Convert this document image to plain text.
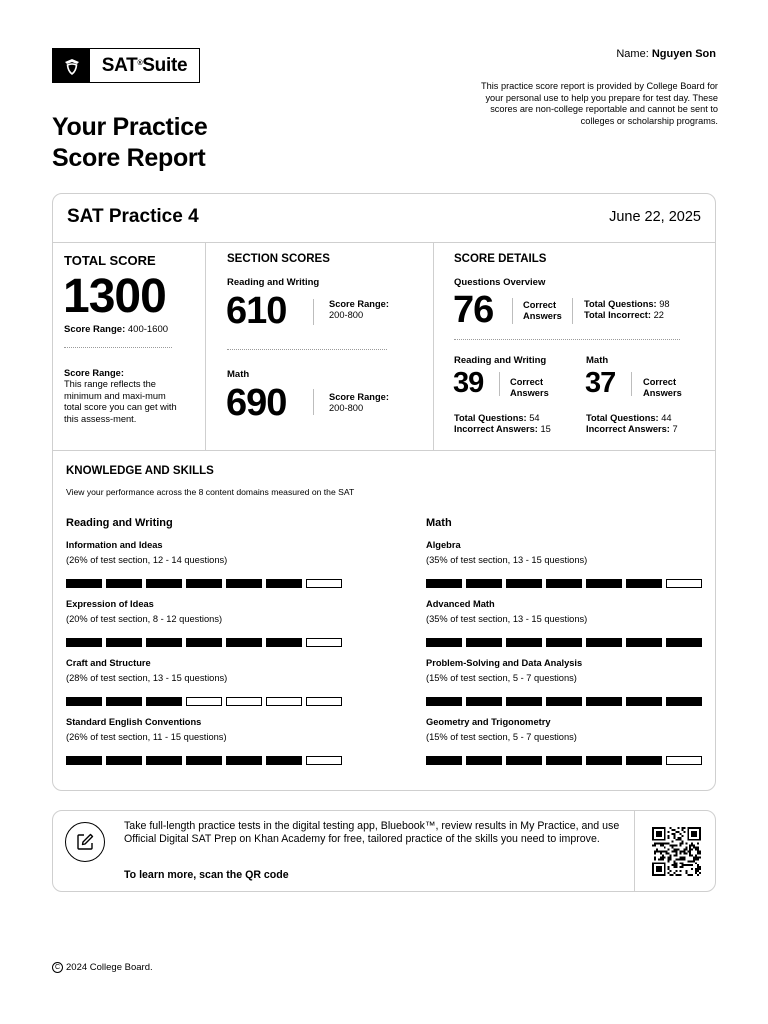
SAT® Suite
Name: Nguyen Son
This practice score report is provided by College Board for your personal use to help you prepare for test day. These scores are non-college reportable and cannot be sent to colleges or scholarship programs.
Your Practice
Score Report
SAT Practice 4	June 22, 2025
TOTAL SCORE
1300
Score Range: 400-1600
Score Range:
This range reflects the minimum and maxi-mum total score you can get with this assess-ment.
SECTION SCORES
Reading and Writing
610	Score Range:
200-800
Math
690	Score Range:
200-800
SCORE DETAILS
Questions Overview
76	Correct
Answers
Total Questions: 98
Total Incorrect: 22
Reading and Writing
39	Correct
Answers
Total Questions: 54
Incorrect Answers: 15
Math
37	Correct
Answers
Total Questions: 44
Incorrect Answers: 7
KNOWLEDGE AND SKILLS
View your performance across the 8 content domains measured on the SAT
Reading and Writing
Information and Ideas
(26% of test section, 12 - 14 questions)
Expression of Ideas
(20% of test section, 8 - 12 questions)
Craft and Structure
(28% of test section, 13 - 15 questions)
Standard English Conventions
(26% of test section, 11 - 15 questions)
Math
Algebra
(35% of test section, 13 - 15 questions)
Advanced Math
(35% of test section, 13 - 15 questions)
Problem-Solving and Data Analysis
(15% of test section, 5 - 7 questions)
Geometry and Trigonometry
(15% of test section, 5 - 7 questions)
Take full-length practice tests in the digital testing app, Bluebook™, review results in My Practice, and use Official Digital SAT Prep on Khan Academy for free, tailored practice of the skills you need to improve.
To learn more, scan the QR code
C 2024 College Board.
